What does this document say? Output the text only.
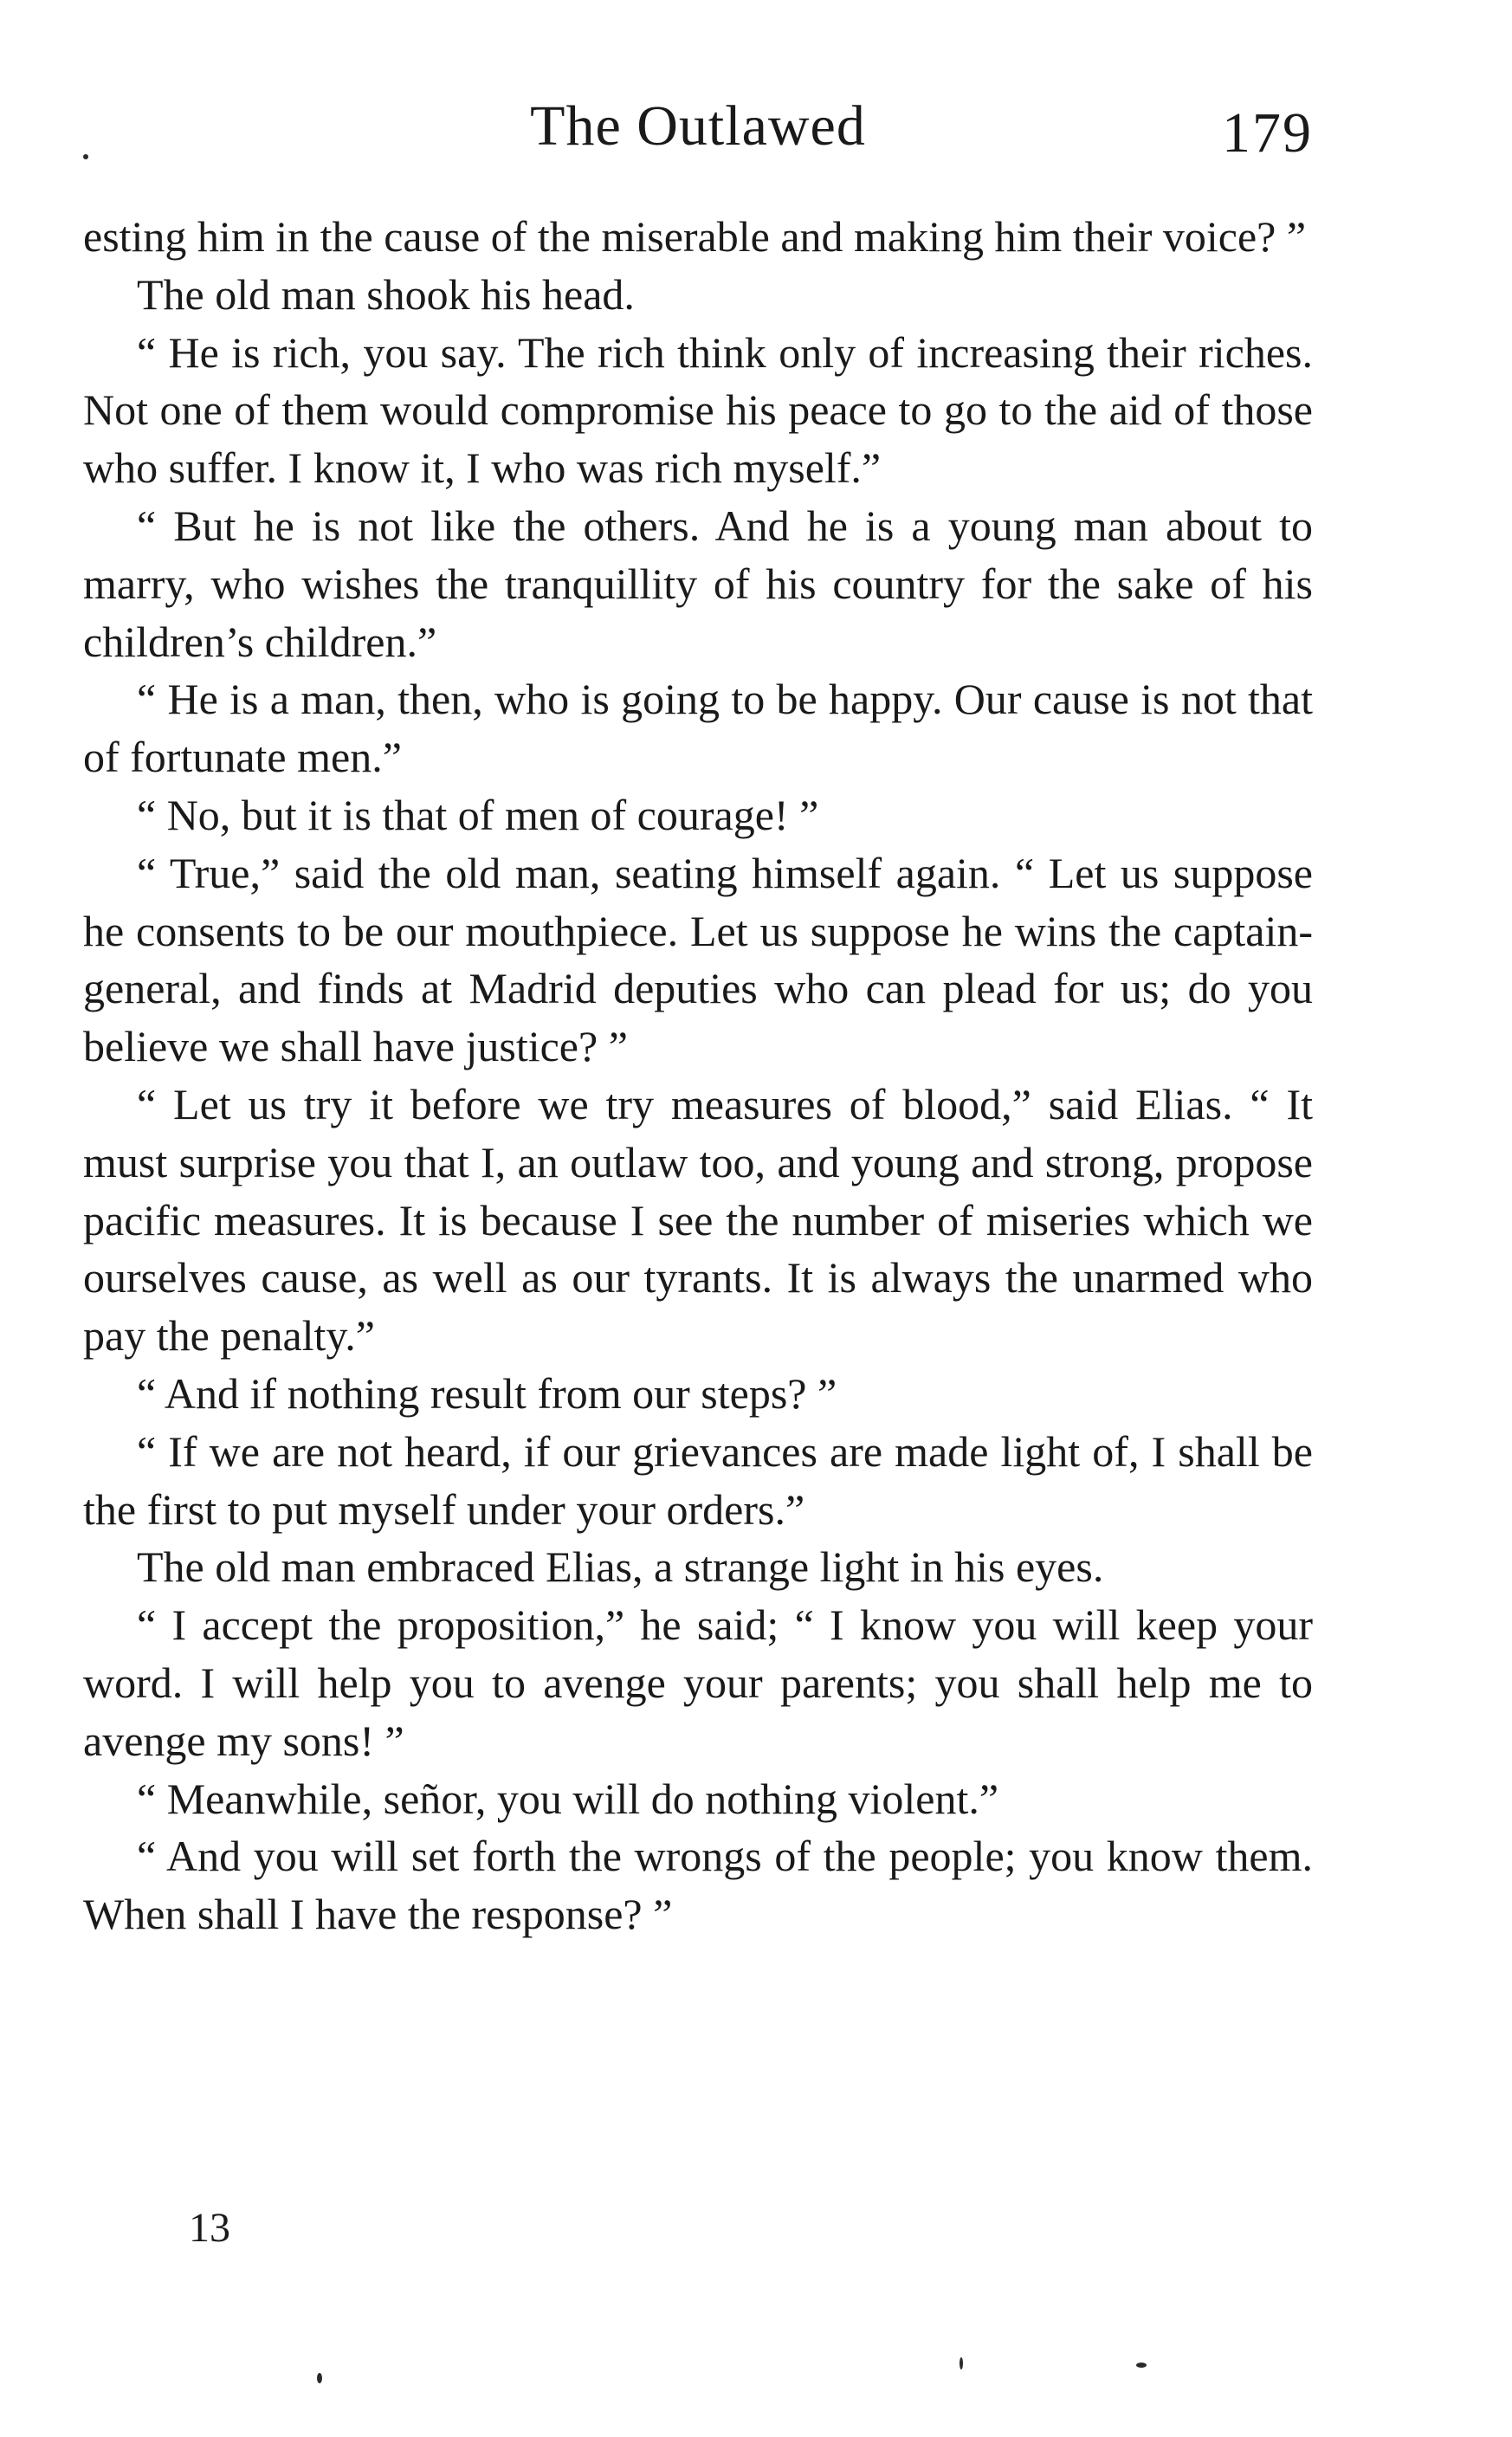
The Outlawed	179

esting him in the cause of the miserable and making him their voice? ”

The old man shook his head.

“ He is rich, you say. The rich think only of increasing their riches. Not one of them would compromise his peace to go to the aid of those who suffer. I know it, I who was rich myself.”

“ But he is not like the others. And he is a young man about to marry, who wishes the tranquillity of his country for the sake of his children’s children.”

“ He is a man, then, who is going to be happy. Our cause is not that of fortunate men.”

“ No, but it is that of men of courage! ”

“ True,” said the old man, seating himself again. “ Let us suppose he consents to be our mouthpiece. Let us suppose he wins the captain-general, and finds at Madrid deputies who can plead for us; do you believe we shall have justice? ”

“ Let us try it before we try measures of blood,” said Elias. “ It must surprise you that I, an outlaw too, and young and strong, propose pacific measures. It is because I see the number of miseries which we ourselves cause, as well as our tyrants. It is always the unarmed who pay the penalty.”

“ And if nothing result from our steps? ”

“ If we are not heard, if our grievances are made light of, I shall be the first to put myself under your orders.”

The old man embraced Elias, a strange light in his eyes.

“ I accept the proposition,” he said; “ I know you will keep your word. I will help you to avenge your parents; you shall help me to avenge my sons! ”

“ Meanwhile, señor, you will do nothing violent.”

“ And you will set forth the wrongs of the people; you know them. When shall I have the response? ”

13
